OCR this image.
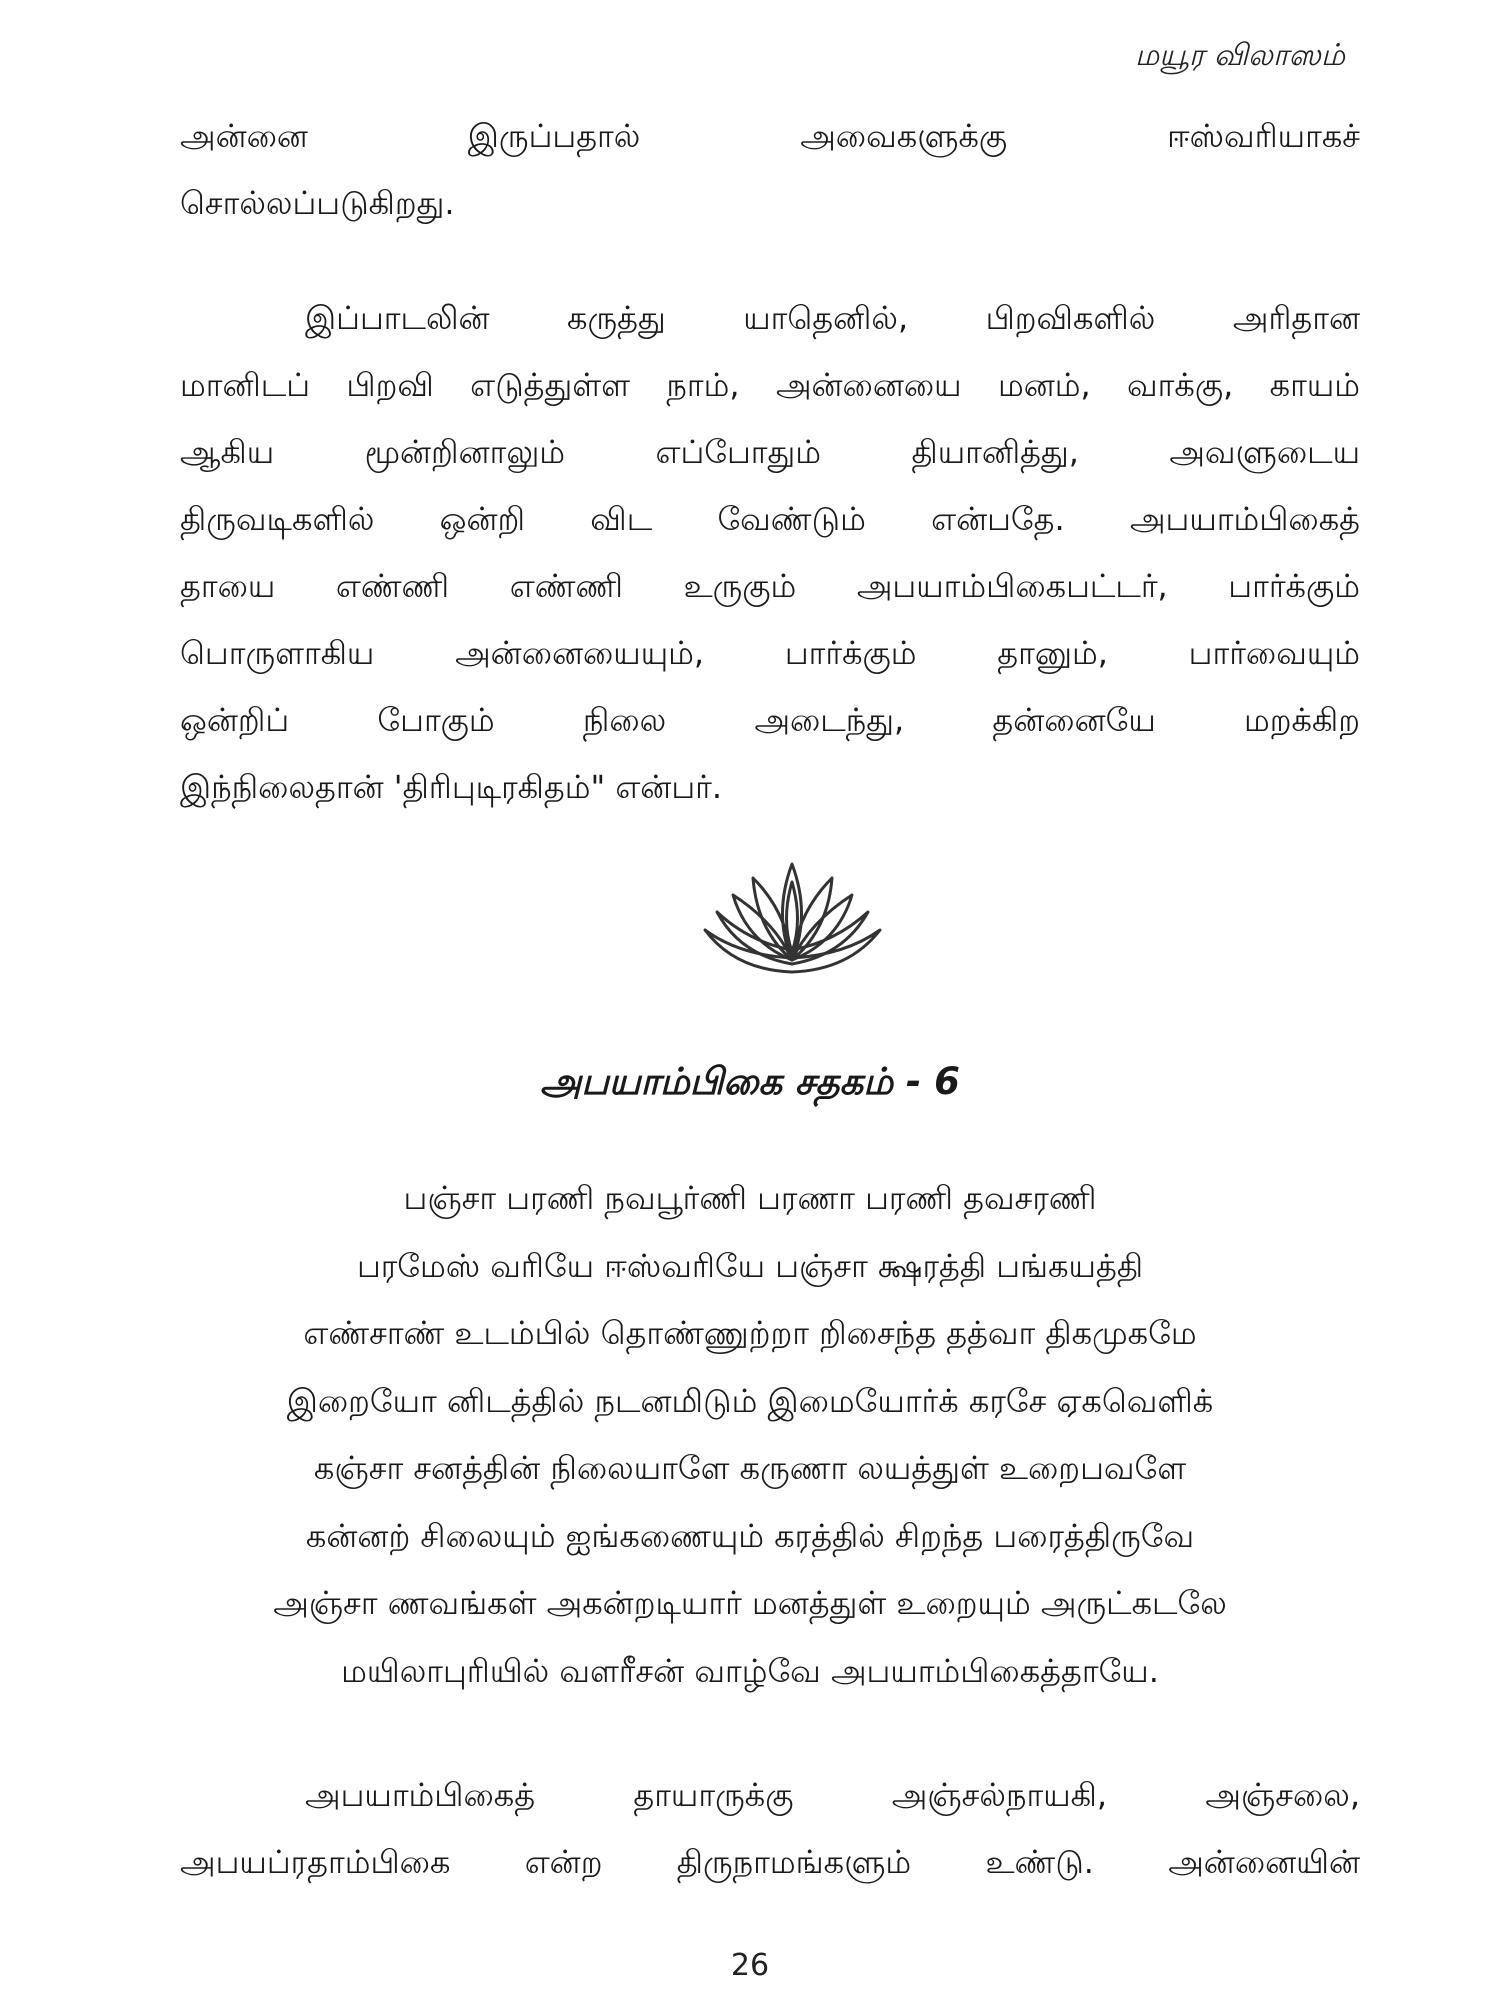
மயூர விலாஸம்
அன்னை இருப்பதால் அவைகளுக்கு ஈஸ்வரியாகச்
சொல்லப்படுகிறது.
இப்பாடலின் கருத்து யாதெனில், பிறவிகளில் அரிதான
மானிடப் பிறவி எடுத்துள்ள நாம், அன்னையை மனம், வாக்கு, காயம்
ஆகிய மூன்றினாலும் எப்போதும் தியானித்து, அவளுடைய
திருவடிகளில் ஒன்றி விட வேண்டும் என்பதே. அபயாம்பிகைத்
தாயை எண்ணி எண்ணி உருகும் அபயாம்பிகைபட்டர், பார்க்கும்
பொருளாகிய அன்னையையும், பார்க்கும் தானும், பார்வையும்
ஒன்றிப் போகும் நிலை அடைந்து, தன்னையே மறக்கிற
இந்நிலைதான் 'திரிபுடிரகிதம்" என்பர்.
அபயாம்பிகை சதகம் - 6
பஞ்சா பரணி நவபூர்ணி பரணா பரணி தவசரணி
பரமேஸ் வரியே ஈஸ்வரியே பஞ்சா க்ஷரத்தி பங்கயத்தி
எண்சாண் உடம்பில் தொண்ணுற்றா றிசைந்த தத்வா திகமுகமே
இறையோ னிடத்தில் நடனமிடும் இமையோர்க் கரசே ஏகவெளிக்
கஞ்சா சனத்தின் நிலையாளே கருணா லயத்துள் உறைபவளே
கன்னற் சிலையும் ஐங்கணையும் கரத்தில் சிறந்த பரைத்திருவே
அஞ்சா ணவங்கள் அகன்றடியார் மனத்துள் உறையும் அருட்கடலே
மயிலாபுரியில் வளரீசன் வாழ்வே அபயாம்பிகைத்தாயே.
அபயாம்பிகைத் தாயாருக்கு அஞ்சல்நாயகி, அஞ்சலை,
அபயப்ரதாம்பிகை என்ற திருநாமங்களும் உண்டு. அன்னையின்
26
